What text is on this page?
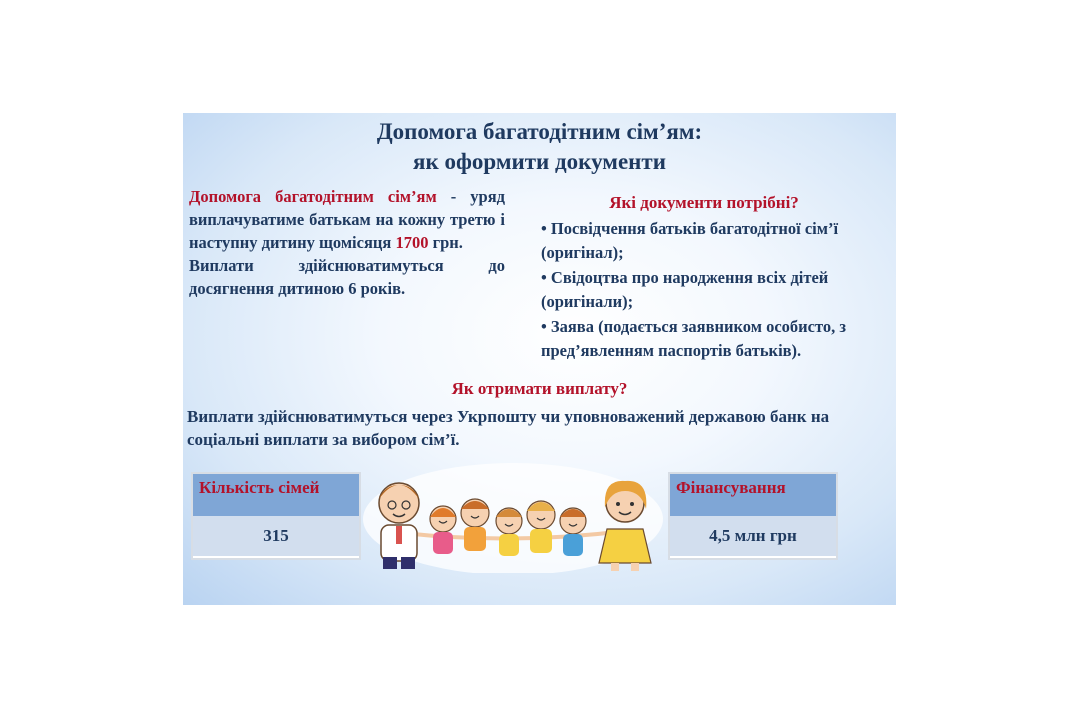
Допомога багатодітним сім’ям:
як оформити документи
Допомога багатодітним сім’ям - уряд виплачуватиме батькам на кожну третю і наступну дитину щомісяця 1700 грн.
Виплати здійснюватимуться до досягнення дитиною 6 років.
Які документи потрібні?
• Посвідчення батьків багатодітної сім’ї (оригінал);
• Свідоцтва про народження всіх дітей (оригінали);
• Заява (подається заявником особисто, з пред’явленням паспортів батьків).
Як отримати виплату?
Виплати здійснюватимуться через Укрпошту чи уповноважений державою банк на соціальні виплати за вибором сім’ї.
Кількість сімей
315
Фінансування
4,5 млн грн
